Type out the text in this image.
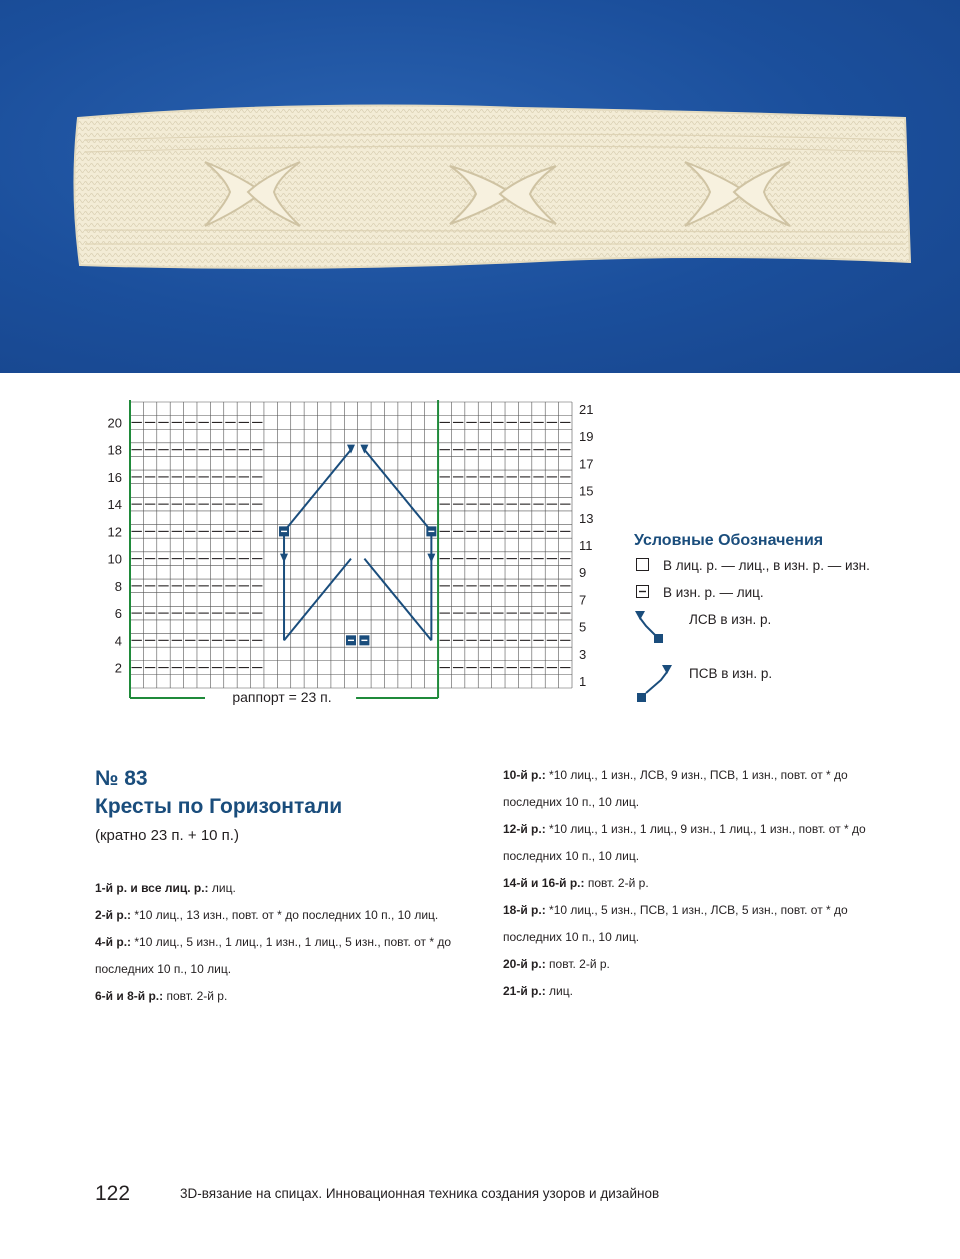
20
18
16
14
12
10
8
6
4
2
21
19
17
15
13
11
9
7
5
3
1
раппорт = 23 п.
Условные Обозначения
В лиц. р. — лиц., в изн. р. — изн.
В изн. р. — лиц.
ЛСВ в изн. р.
ПСВ в изн. р.
№ 83
Кресты по Горизонтали
(кратно 23 п. + 10 п.)

1-й р. и все лиц. р.: лиц.

2-й р.: *10 лиц., 13 изн., повт. от * до последних 10 п., 10 лиц.

4-й р.: *10 лиц., 5 изн., 1 лиц., 1 изн., 1 лиц., 5 изн., повт. от * до последних 10 п., 10 лиц.

6-й и 8-й р.: повт. 2-й р.

10-й р.: *10 лиц., 1 изн., ЛСВ, 9 изн., ПСВ, 1 изн., повт. от * до последних 10 п., 10 лиц.

12-й р.: *10 лиц., 1 изн., 1 лиц., 9 изн., 1 лиц., 1 изн., повт. от * до последних 10 п., 10 лиц.

14-й и 16-й р.: повт. 2-й р.

18-й р.: *10 лиц., 5 изн., ПСВ, 1 изн., ЛСВ, 5 изн., повт. от * до последних 10 п., 10 лиц.

20-й р.: повт. 2-й р.

21-й р.: лиц.

122	3D-вязание на спицах. Инновационная техника создания узоров и дизайнов
